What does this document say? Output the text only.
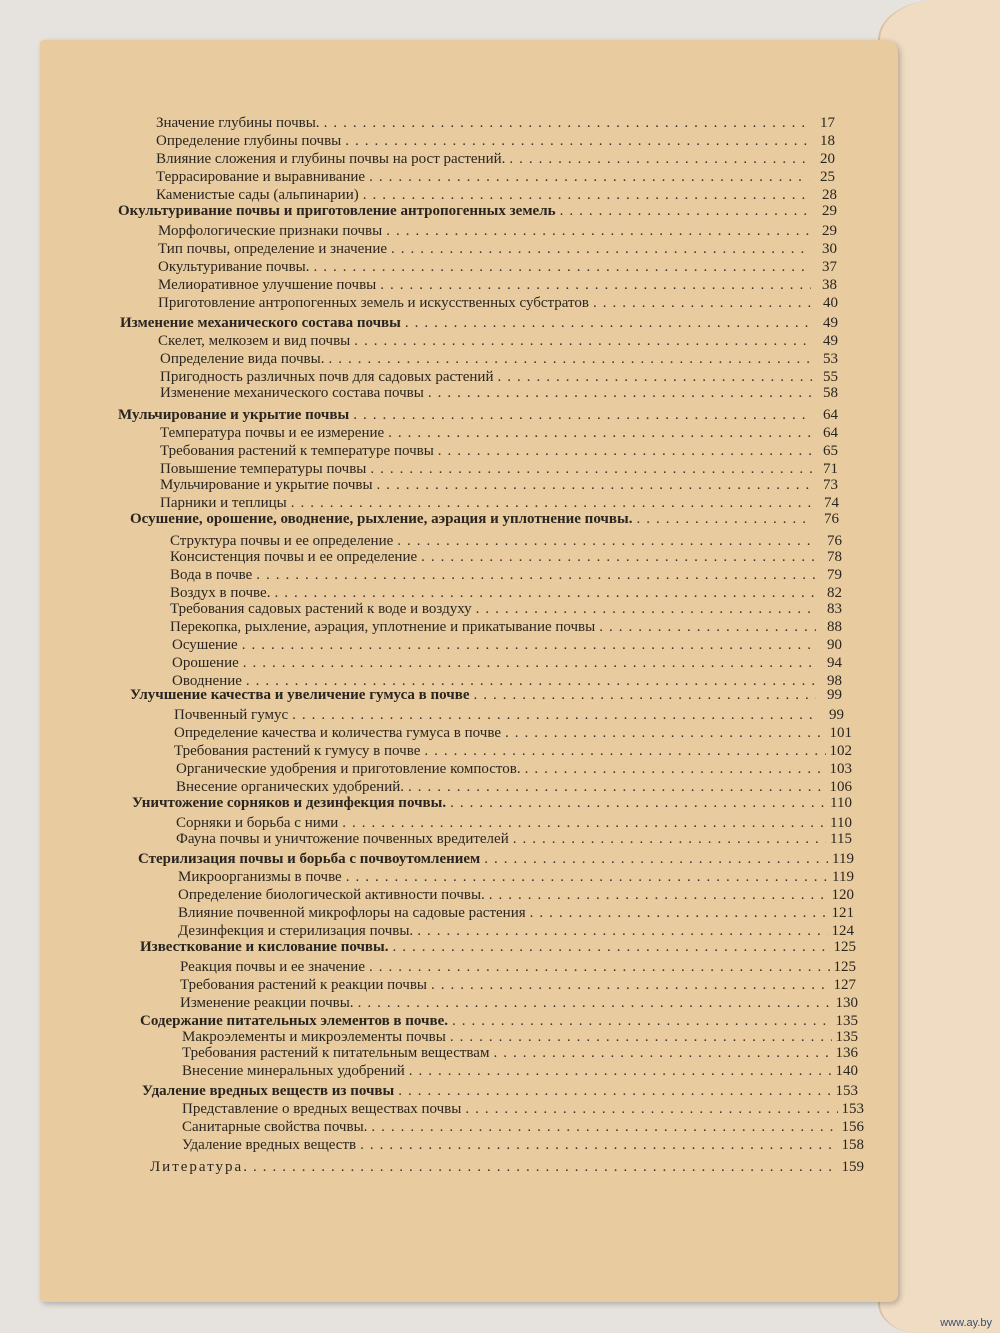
Значение глубины почвы. .....	17
Определение глубины почвы .....	18
Влияние сложения и глубины почвы на рост растений. .....	20
Террасирование и выравнивание .....	25
Каменистые сады (альпинарии) .....	28
Окультуривание почвы и приготовление антропогенных земель .....	29
Морфологические признаки почвы .....	29
Тип почвы, определение и значение .....	30
Окультуривание почвы. .....	37
Мелиоративное улучшение почвы .....	38
Приготовление антропогенных земель и искусственных субстратов .....	40
Изменение механического состава почвы .....	49
Скелет, мелкозем и вид почвы .....	49
Определение вида почвы. .....	53
Пригодность различных почв для садовых растений .....	55
Изменение механического состава почвы .....	58
Мульчирование и укрытие почвы .....	64
Температура почвы и ее измерение .....	64
Требования растений к температуре почвы .....	65
Повышение температуры почвы .....	71
Мульчирование и укрытие почвы .....	73
Парники и теплицы .....	74
Осушение, орошение, оводнение, рыхление, аэрация и уплотнение почвы. .....	76
Структура почвы и ее определение .....	76
Консистенция почвы и ее определение .....	78
Вода в почве .....	79
Воздух в почве. .....	82
Требования садовых растений к воде и воздуху .....	83
Перекопка, рыхление, аэрация, уплотнение и прикатывание почвы .....	88
Осушение .....	90
Орошение .....	94
Оводнение .....	98
Улучшение качества и увеличение гумуса в почве .....	99
Почвенный гумус .....	99
Определение качества и количества гумуса в почве .....	101
Требования растений к гумусу в почве .....	102
Органические удобрения и приготовление компостов. .....	103
Внесение органических удобрений. .....	106
Уничтожение сорняков и дезинфекция почвы. .....	110
Сорняки и борьба с ними .....	110
Фауна почвы и уничтожение почвенных вредителей .....	115
Стерилизация почвы и борьба с почвоутомлением .....	119
Микроорганизмы в почве .....	119
Определение биологической активности почвы. .....	120
Влияние почвенной микрофлоры на садовые растения .....	121
Дезинфекция и стерилизация почвы. .....	124
Известкование и кислование почвы. .....	125
Реакция почвы и ее значение .....	125
Требования растений к реакции почвы .....	127
Изменение реакции почвы. .....	130
Содержание питательных элементов в почве. .....	135
Макроэлементы и микроэлементы почвы .....	135
Требования растений к питательным веществам .....	136
Внесение минеральных удобрений .....	140
Удаление вредных веществ из почвы .....	153
Представление о вредных веществах почвы .....	153
Санитарные свойства почвы. .....	156
Удаление вредных веществ .....	158
Литература. .....	159
www.ay.by
